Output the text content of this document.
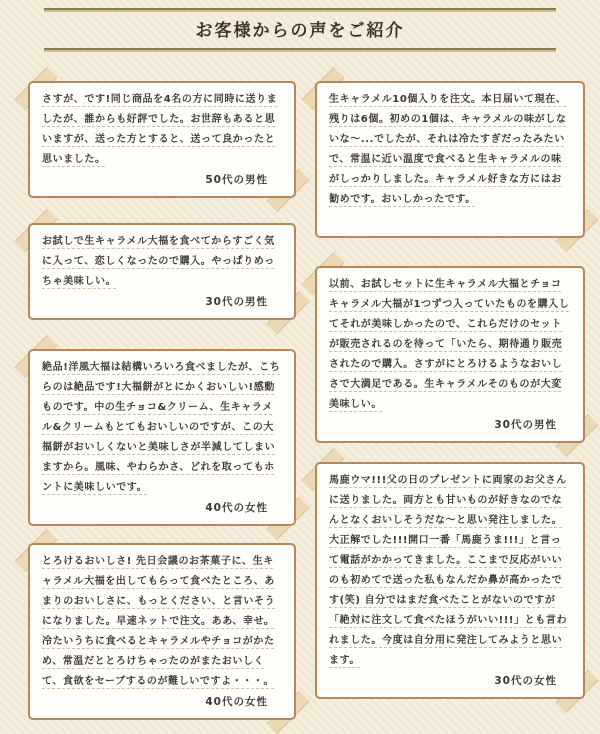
お客様からの声をご紹介

さすが、です!同じ商品を4名の方に同時に送りましたが、誰からも好評でした。お世辞もあると思いますが、送った方とすると、送って良かったと思いました。

50代の男性

お試しで生キャラメル大福を食べてからすごく気に入って、恋しくなったので購入。やっぱりめっちゃ美味しい。

30代の男性

絶品!洋風大福は結構いろいろ食べましたが、こちらのは絶品です!大福餅がとにかくおいしい!感動ものです。中の生チョコ&クリーム、生キャラメル&クリームもとてもおいしいのですが、この大福餅がおいしくないと美味しさが半減してしまいますから。風味、やわらかさ、どれを取ってもホントに美味しいです。

40代の女性

とろけるおいしさ! 先日会議のお茶菓子に、生キャラメル大福を出してもらって食べたところ、あまりのおいしさに、もっとください、と言いそうになりました。早速ネットで注文。ああ、幸せ。冷たいうちに食べるとキャラメルやチョコがかため、常温だととろけちゃったのがまたおいしくて、食欲をセーブするのが難しいですよ・・・。

40代の女性

生キャラメル10個入りを注文。本日届いて現在、残りは6個。初めの1個は、キャラメルの味がしないな～...でしたが、それは冷たすぎだったみたいで、常温に近い温度で食べると生キャラメルの味がしっかりしました。キャラメル好きな方にはお勧めです。おいしかったです。

以前、お試しセットに生キャラメル大福とチョコキャラメル大福が1つずつ入っていたものを購入してそれが美味しかったので、これらだけのセットが販売されるのを待って「いたら、期待通り販売されたので購入。さすがにとろけるようなおいしさで大満足である。生キャラメルそのものが大変美味しい。

30代の男性

馬鹿ウマ!!!父の日のプレゼントに両家のお父さんに送りました。両方とも甘いものが好きなのでなんとなくおいしそうだな～と思い発注しました。大正解でした!!!開口一番「馬鹿うま!!!」と言って電話がかかってきました。ここまで反応がいいのも初めてで送った私もなんだか鼻が高かったです(笑) 自分ではまだ食べたことがないのですが「絶対に注文して食べたほうがいい!!!」とも言われました。今度は自分用に発注してみようと思います。

30代の女性
